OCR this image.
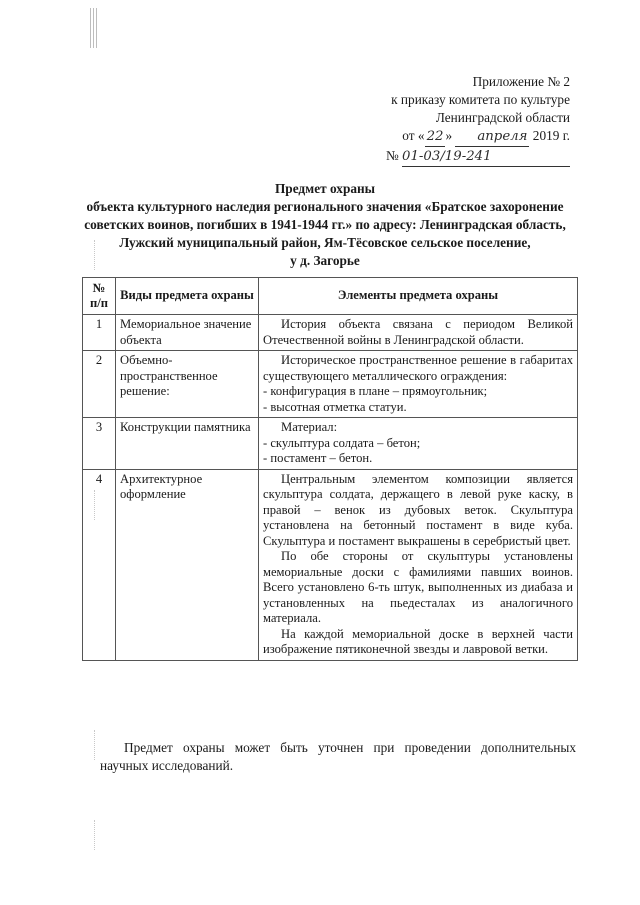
Приложение № 2
к приказу комитета по культуре
Ленинградской области
от « 22 » апреля 2019 г.
№ 01-03/19-241
Предмет охраны
объекта культурного наследия регионального значения «Братское захоронение
советских воинов, погибших в 1941-1944 гг.» по адресу: Ленинградская область,
Лужский муниципальный район, Ям-Тёсовское сельское поселение,
у д. Загорье
№ п/п	Виды предмета охраны	Элементы предмета охраны
1	Мемориальное значение объекта	История объекта связана с периодом Великой Отечественной войны в Ленинградской области.

2	Объемно-пространственное решение:	Историческое пространственное решение в габаритах существующего металлического ограждения:

- конфигурация в плане – прямоугольник;

- высотная отметка статуи.

3	Конструкции памятника	Материал:

- скульптура солдата – бетон;

- постамент – бетон.

4	Архитектурное оформление	Центральным элементом композиции является скульптура солдата, держащего в левой руке каску, в правой – венок из дубовых веток. Скульптура установлена на бетонный постамент в виде куба. Скульптура и постамент выкрашены в серебристый цвет.

По обе стороны от скульптуры установлены мемориальные доски с фамилиями павших воинов. Всего установлено 6-ть штук, выполненных из диабаза и установленных на пьедесталах из аналогичного материала.

На каждой мемориальной доске в верхней части изображение пятиконечной звезды и лавровой ветки.

Предмет охраны может быть уточнен при проведении дополнительных научных исследований.
